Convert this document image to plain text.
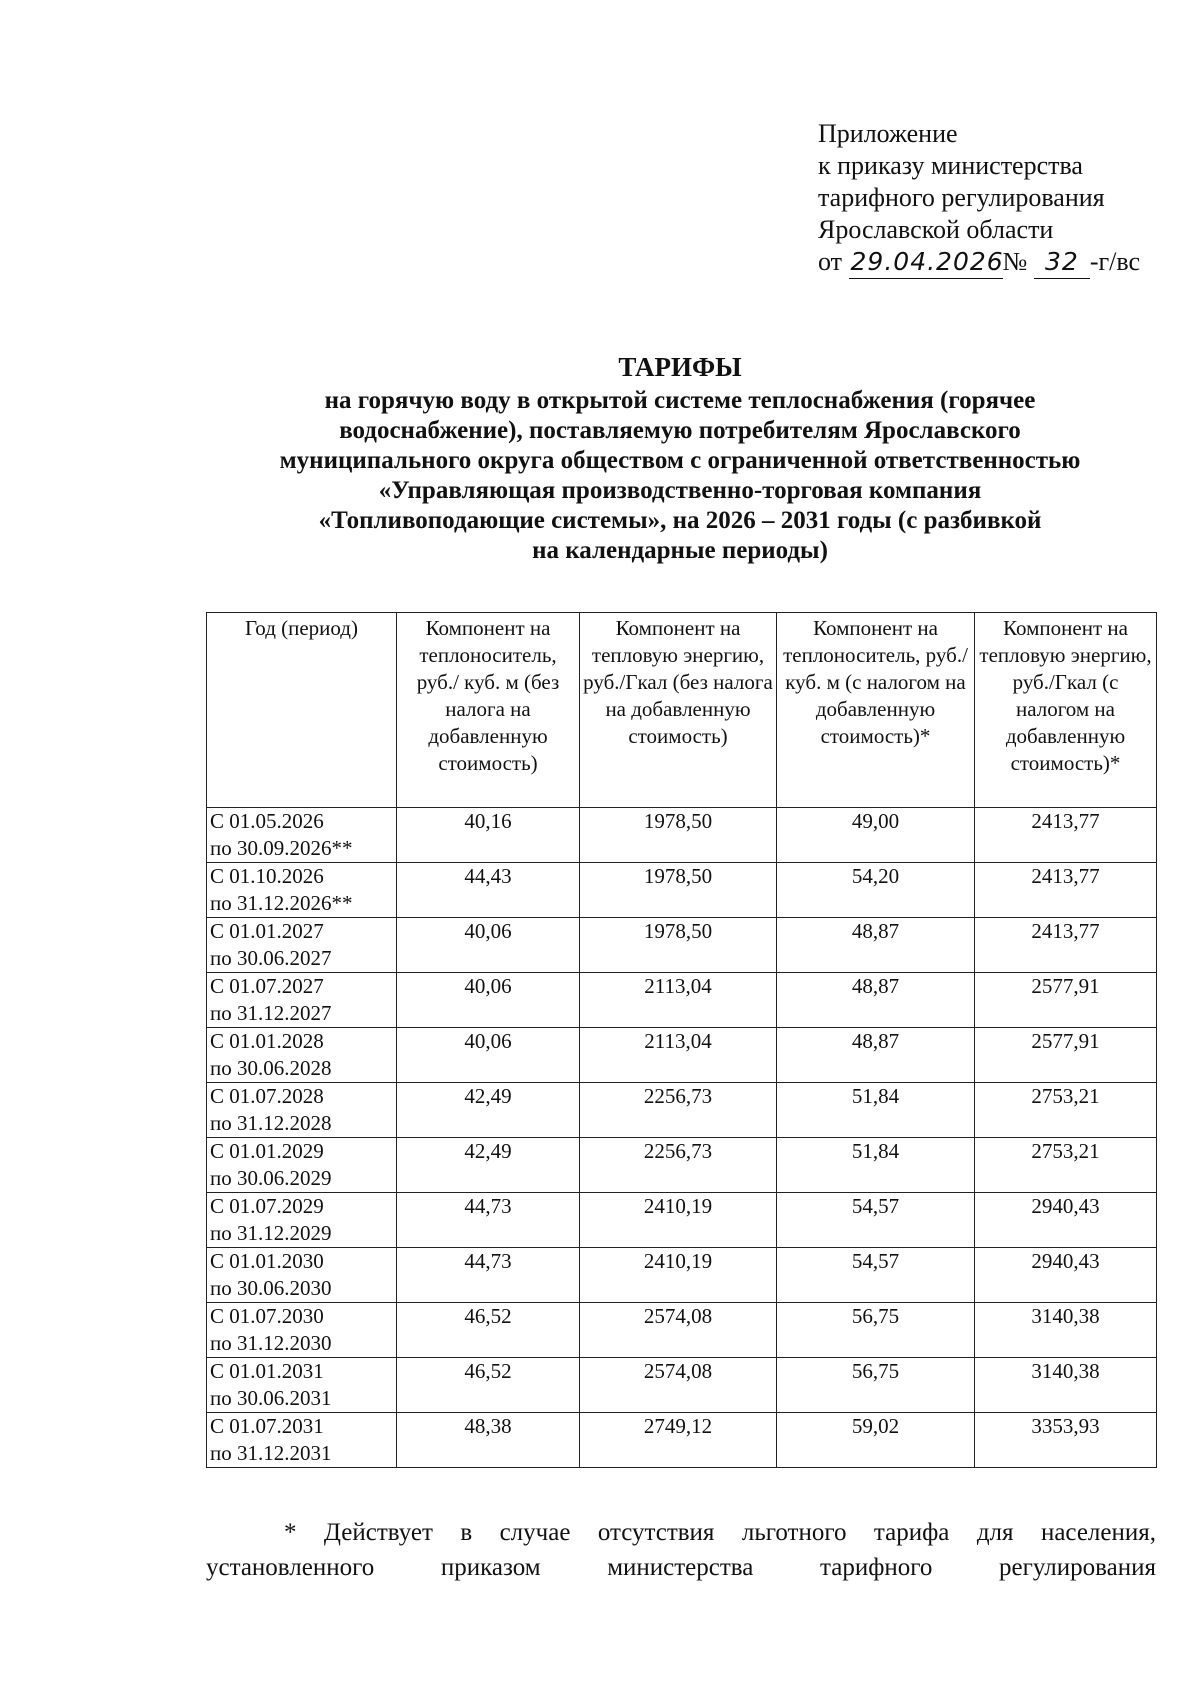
Приложение
к приказу министерства
тарифного регулирования
Ярославской области
от 29.04.2026№ 32 -г/вс
ТАРИФЫ
на горячую воду в открытой системе теплоснабжения (горячее
водоснабжение), поставляемую потребителям Ярославского
муниципального округа обществом с ограниченной ответственностью
«Управляющая производственно-торговая компания
«Топливоподающие системы», на 2026 – 2031 годы (с разбивкой
на календарные периоды)
Год (период)	Компонент на теплоноситель, руб./ куб. м (без налога на добавленную стоимость)	Компонент на тепловую энергию, руб./Гкал (без налога на добавленную стоимость)	Компонент на теплоноситель, руб./ куб. м (с налогом на добавленную стоимость)*	Компонент на тепловую энергию, руб./Гкал (с налогом на добавленную стоимость)*

С 01.05.2026
по 30.09.2026**	40,16	1978,50	49,00	2413,77

С 01.10.2026
по 31.12.2026**	44,43	1978,50	54,20	2413,77

С 01.01.2027
по 30.06.2027	40,06	1978,50	48,87	2413,77

С 01.07.2027
по 31.12.2027	40,06	2113,04	48,87	2577,91

С 01.01.2028
по 30.06.2028	40,06	2113,04	48,87	2577,91

С 01.07.2028
по 31.12.2028	42,49	2256,73	51,84	2753,21

С 01.01.2029
по 30.06.2029	42,49	2256,73	51,84	2753,21

С 01.07.2029
по 31.12.2029	44,73	2410,19	54,57	2940,43

С 01.01.2030
по 30.06.2030	44,73	2410,19	54,57	2940,43

С 01.07.2030
по 31.12.2030	46,52	2574,08	56,75	3140,38

С 01.01.2031
по 30.06.2031	46,52	2574,08	56,75	3140,38

С 01.07.2031
по 31.12.2031	48,38	2749,12	59,02	3353,93
* Действует в случае отсутствия льготного тарифа для населения,
установленного приказом министерства тарифного регулирования
